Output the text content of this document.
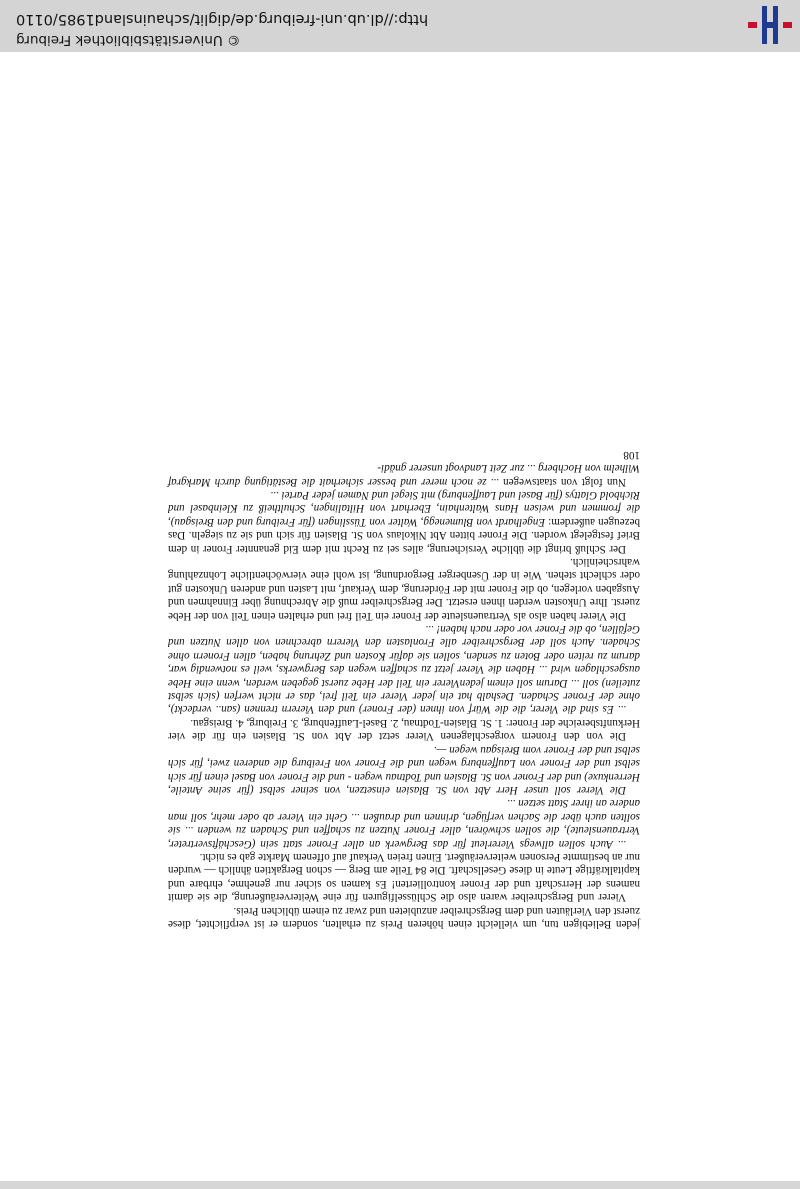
jeden Beliebigen tun, um vielleicht einen höheren Preis zu erhalten, sondern er ist verpflichtet, diese zuerst den Vierläuten und dem Bergschreiber anzubieten und zwar zu einem üblichen Preis.

Vierer und Bergschreiber waren also die Schlüsselfiguren für eine Weiterveräußerung, die sie damit namens der Herrschaft und der Froner kontrollierten! Es kamen so sicher nur genehme, ehrbare und kapitalkräftige Leute in diese Gesellschaft. Die 84 Teile am Berg — schon Bergaktien ähnlich — wurden nur an bestimmte Personen weiterveräußert. Einen freien Verkauf auf offenem Markte gab es nicht.

... Auch sollen allwegs Viererleut für das Bergwerk an aller Froner statt sein (Geschäftsvertreter, Vertrauensleute), die sollen schwören, aller Froner Nutzen zu schaffen und Schaden zu wenden ... sie sollten auch über die Sachen verfügen, drinnen und draußen ... Geht ein Vierer ab oder mehr, soll man andere an ihrer Statt setzen ...

Die Vierer soll unser Herr Abt von St. Blasien einsetzen, von seiner selbst (für seine Anteile, Herrenkuxe) und der Froner von St. Blasien und Todtnau wegen - und die Froner von Basel einen für sich selbst und der Froner von Lauffenburg wegen und die Froner von Freiburg die anderen zwei, für sich selbst und der Froner vom Breisgau wegen —.

Die von den Fronern vorgeschlagenen Vierer setzt der Abt von St. Blasien ein für die vier Herkunftsbereiche der Froner: 1. St. Blasien-Todtnau, 2. Basel-Lauffenburg, 3. Freiburg, 4. Breisgau.

... Es sind die Vierer, die die Würf von ihnen (der Froner) und den Vierern trennen (san.. verdeckt), ohne der Froner Schaden. Deshalb hat ein jeder Vierer ein Teil frei, das er nicht werfen (sich selbst zuteilen) soll ... Darum soll einem jedenVierer ein Teil der Hebe zuerst gegeben werden, wenn eine Hebe ausgeschlagen wird ... Haben die Vierer jetzt zu schaffen wegen des Bergwerks, weil es notwendig war, darum zu reiten oder Boten zu senden, sollen sie dafür Kosten und Zehrung haben, allen Fronern ohne Schaden. Auch soll der Bergschreiber alle Fronlasten den Vierern abrechnen von allen Nutzen und Gefällen, ob die Froner vor oder nach haben! ...

Die Vierer haben also als Vertrauensleute der Froner ein Teil frei und erhalten einen Teil von der Hebe zuerst. Ihre Unkosten werden ihnen ersetzt. Der Bergschreiber muß die Abrechnung über Einnahmen und Ausgaben vorlegen, ob die Froner mit der Förderung, dem Verkauf, mit Lasten und anderen Unkosten gut oder schlecht stehen. Wie in der Üsenberger Bergordnung, ist wohl eine vierwöchentliche Lohnzahlung wahrscheinlich.

Der Schluß bringt die übliche Versicherung, alles sei zu Recht mit dem Eid genannter Froner in dem Brief festgelegt worden. Die Froner bitten Abt Nikolaus von St. Blasien für sich und sie zu siegeln. Das bezeugen außerdem: Engelhardt von Blumenegg, Walter von Tüsslingen (für Freiburg und den Breisgau), die frommen und weisen Hans Waltenhain, Eberhart von Hiltalingen, Schultheiß zu Kleinbasel und Richbold Glattys (für Basel und Lauffenburg) mit Siegel und Namen jeder Partei ...

Nun folgt von staatswegen ... ze noch merer und besser sicherhait die Bestätigung durch Markgraf Wilhelm von Hochberg ... zur Zeit Landvogt unserer gnädi-

108

© Universitätsbibliothek Freiburg
http://dl.ub.uni-freiburg.de/diglit/schauinsland1985/0110
